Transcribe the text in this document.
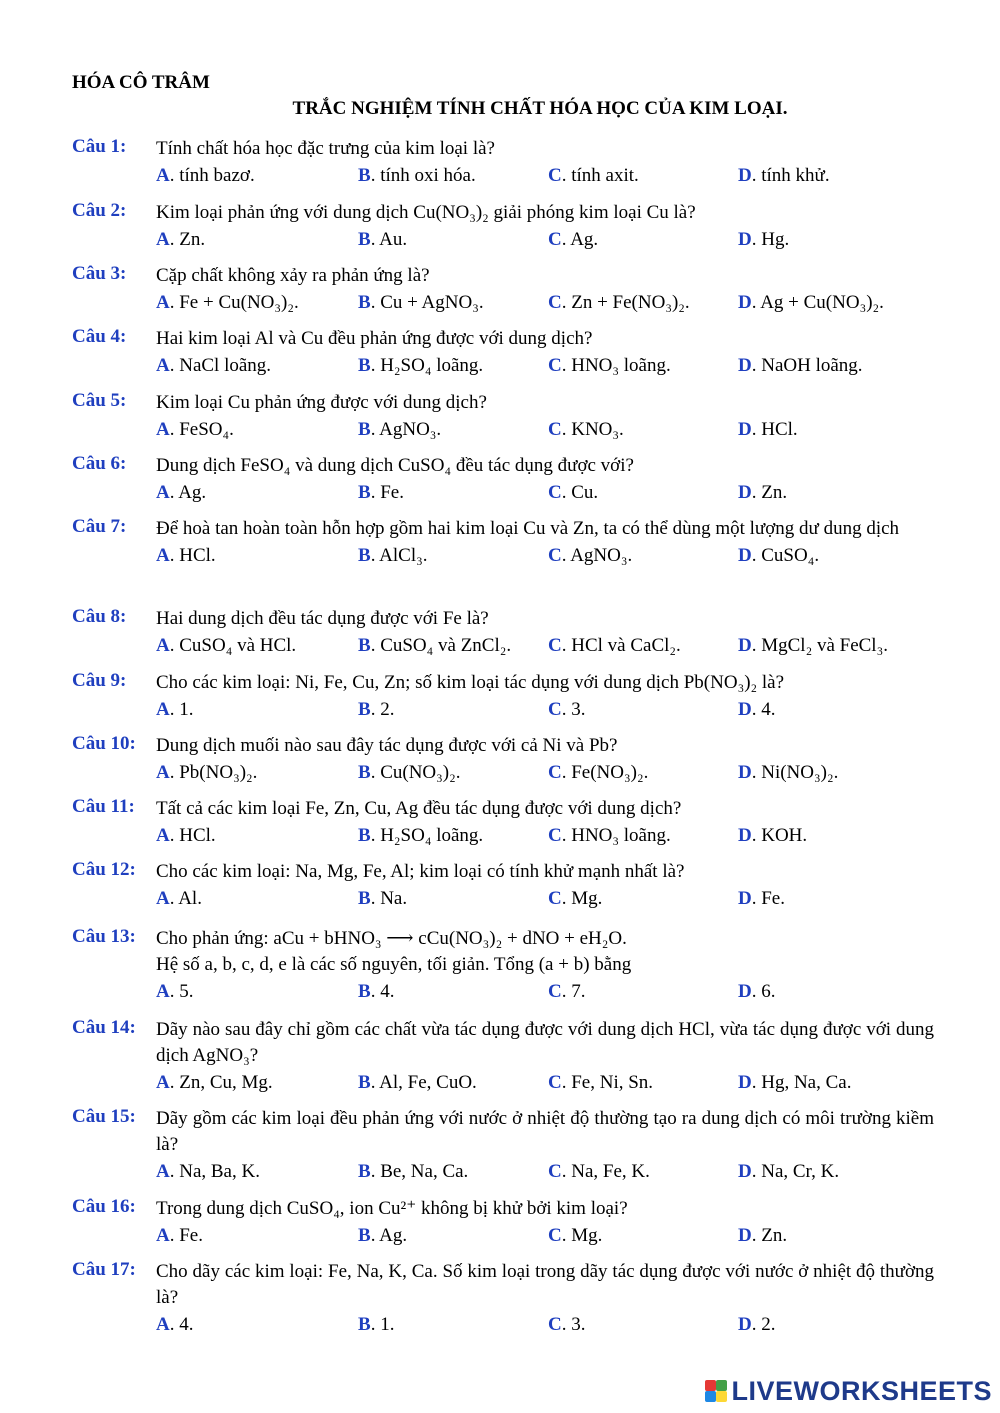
HÓA CÔ TRÂM
TRẮC NGHIỆM TÍNH CHẤT HÓA HỌC CỦA KIM LOẠI.
Câu 1: Tính chất hóa học đặc trưng của kim loại là?
A. tính bazơ.	B. tính oxi hóa.	C. tính axit.	D. tính khử.
Câu 2: Kim loại phản ứng với dung dịch Cu(NO₃)₂ giải phóng kim loại Cu là?
A. Zn.	B. Au.	C. Ag.	D. Hg.
Câu 3: Cặp chất không xảy ra phản ứng là?
A. Fe + Cu(NO₃)₂.	B. Cu + AgNO₃.	C. Zn + Fe(NO₃)₂.	D. Ag + Cu(NO₃)₂.
Câu 4: Hai kim loại Al và Cu đều phản ứng được với dung dịch?
A. NaCl loãng.	B. H₂SO₄ loãng.	C. HNO₃ loãng.	D. NaOH loãng.
Câu 5: Kim loại Cu phản ứng được với dung dịch?
A. FeSO₄.	B. AgNO₃.	C. KNO₃.	D. HCl.
Câu 6: Dung dịch FeSO₄ và dung dịch CuSO₄ đều tác dụng được với?
A. Ag.	B. Fe.	C. Cu.	D. Zn.
Câu 7: Để hoà tan hoàn toàn hỗn hợp gồm hai kim loại Cu và Zn, ta có thể dùng một lượng dư dung dịch
A. HCl.	B. AlCl₃.	C. AgNO₃.	D. CuSO₄.
Câu 8: Hai dung dịch đều tác dụng được với Fe là?
A. CuSO₄ và HCl.	B. CuSO₄ và ZnCl₂. C. HCl và CaCl₂.	D. MgCl₂ và FeCl₃.
Câu 9: Cho các kim loại: Ni, Fe, Cu, Zn; số kim loại tác dụng với dung dịch Pb(NO₃)₂ là?
A. 1.	B. 2.	C. 3.	D. 4.
Câu 10: Dung dịch muối nào sau đây tác dụng được với cả Ni và Pb?
A. Pb(NO₃)₂.	B. Cu(NO₃)₂.	C. Fe(NO₃)₂.	D. Ni(NO₃)₂.
Câu 11: Tất cả các kim loại Fe, Zn, Cu, Ag đều tác dụng được với dung dịch?
A. HCl.	B. H₂SO₄ loãng.	C. HNO₃ loãng.	D. KOH.
Câu 12: Cho các kim loại: Na, Mg, Fe, Al; kim loại có tính khử mạnh nhất là?
A. Al.	B. Na.	C. Mg.	D. Fe.
Câu 13: Cho phản ứng: aCu + bHNO₃ ⟶ cCu(NO₃)₂ + dNO + eH₂O.
Hệ số a, b, c, d, e là các số nguyên, tối giản. Tổng (a + b) bằng
A. 5.	B. 4.	C. 7.	D. 6.
Câu 14: Dãy nào sau đây chỉ gồm các chất vừa tác dụng được với dung dịch HCl, vừa tác dụng được với dung dịch AgNO₃?
A. Zn, Cu, Mg.	B. Al, Fe, CuO.	C. Fe, Ni, Sn.	D. Hg, Na, Ca.
Câu 15: Dãy gồm các kim loại đều phản ứng với nước ở nhiệt độ thường tạo ra dung dịch có môi trường kiềm là?
A. Na, Ba, K.	B. Be, Na, Ca.	C. Na, Fe, K.	D. Na, Cr, K.
Câu 16: Trong dung dịch CuSO₄, ion Cu²⁺ không bị khử bởi kim loại?
A. Fe.	B. Ag.	C. Mg.	D. Zn.
Câu 17: Cho dãy các kim loại: Fe, Na, K, Ca. Số kim loại trong dãy tác dụng được với nước ở nhiệt độ thường là?
A. 4.	B. 1.	C. 3.	D. 2.
LIVEWORKSHEETS
